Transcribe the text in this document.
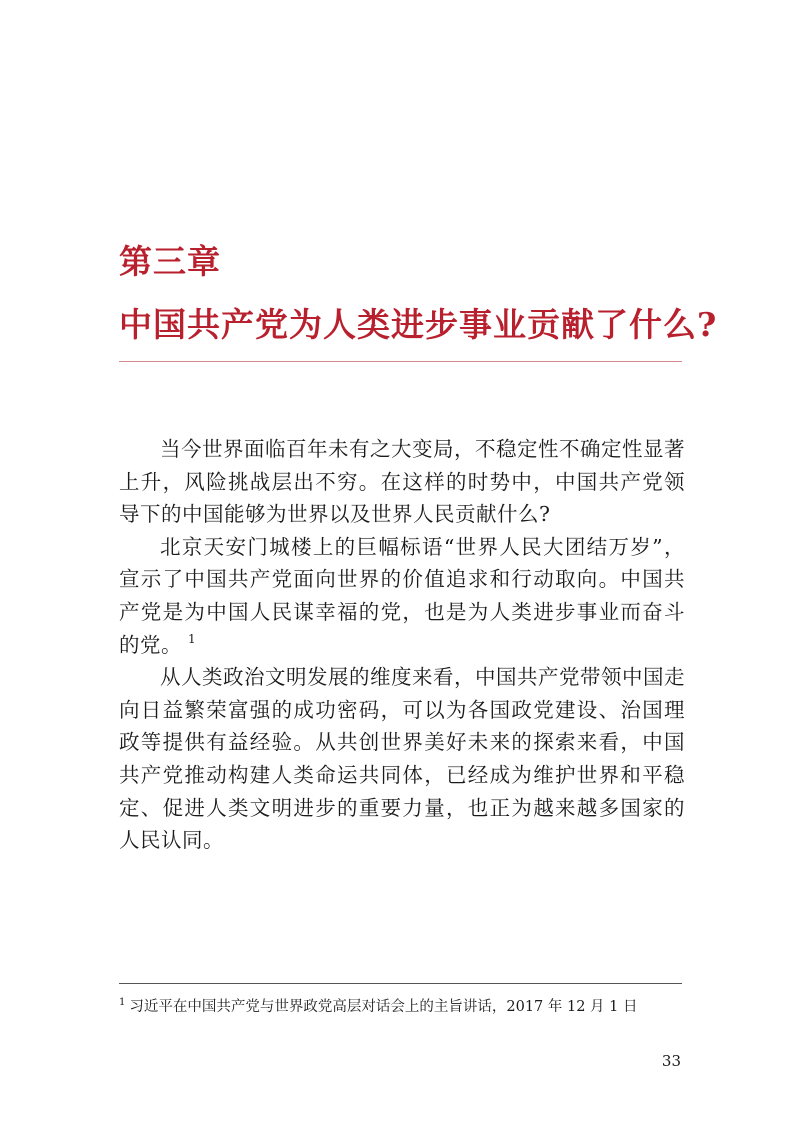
第三章
中国共产党为人类进步事业贡献了什么?

当今世界面临百年未有之大变局，不稳定性不确定性显著上升，风险挑战层出不穷。在这样的时势中，中国共产党领导下的中国能够为世界以及世界人民贡献什么?

北京天安门城楼上的巨幅标语“世界人民大团结万岁”，宣示了中国共产党面向世界的价值追求和行动取向。中国共产党是为中国人民谋幸福的党，也是为人类进步事业而奋斗的党。 $^1$

从人类政治文明发展的维度来看，中国共产党带领中国走向日益繁荣富强的成功密码，可以为各国政党建设、治国理政等提供有益经验。从共创世界美好未来的探索来看，中国共产党推动构建人类命运共同体，已经成为维护世界和平稳定、促进人类文明进步的重要力量，也正为越来越多国家的人民认同。

$^1$ 习近平在中国共产党与世界政党高层对话会上的主旨讲话，2017 年 12 月 1 日
33
